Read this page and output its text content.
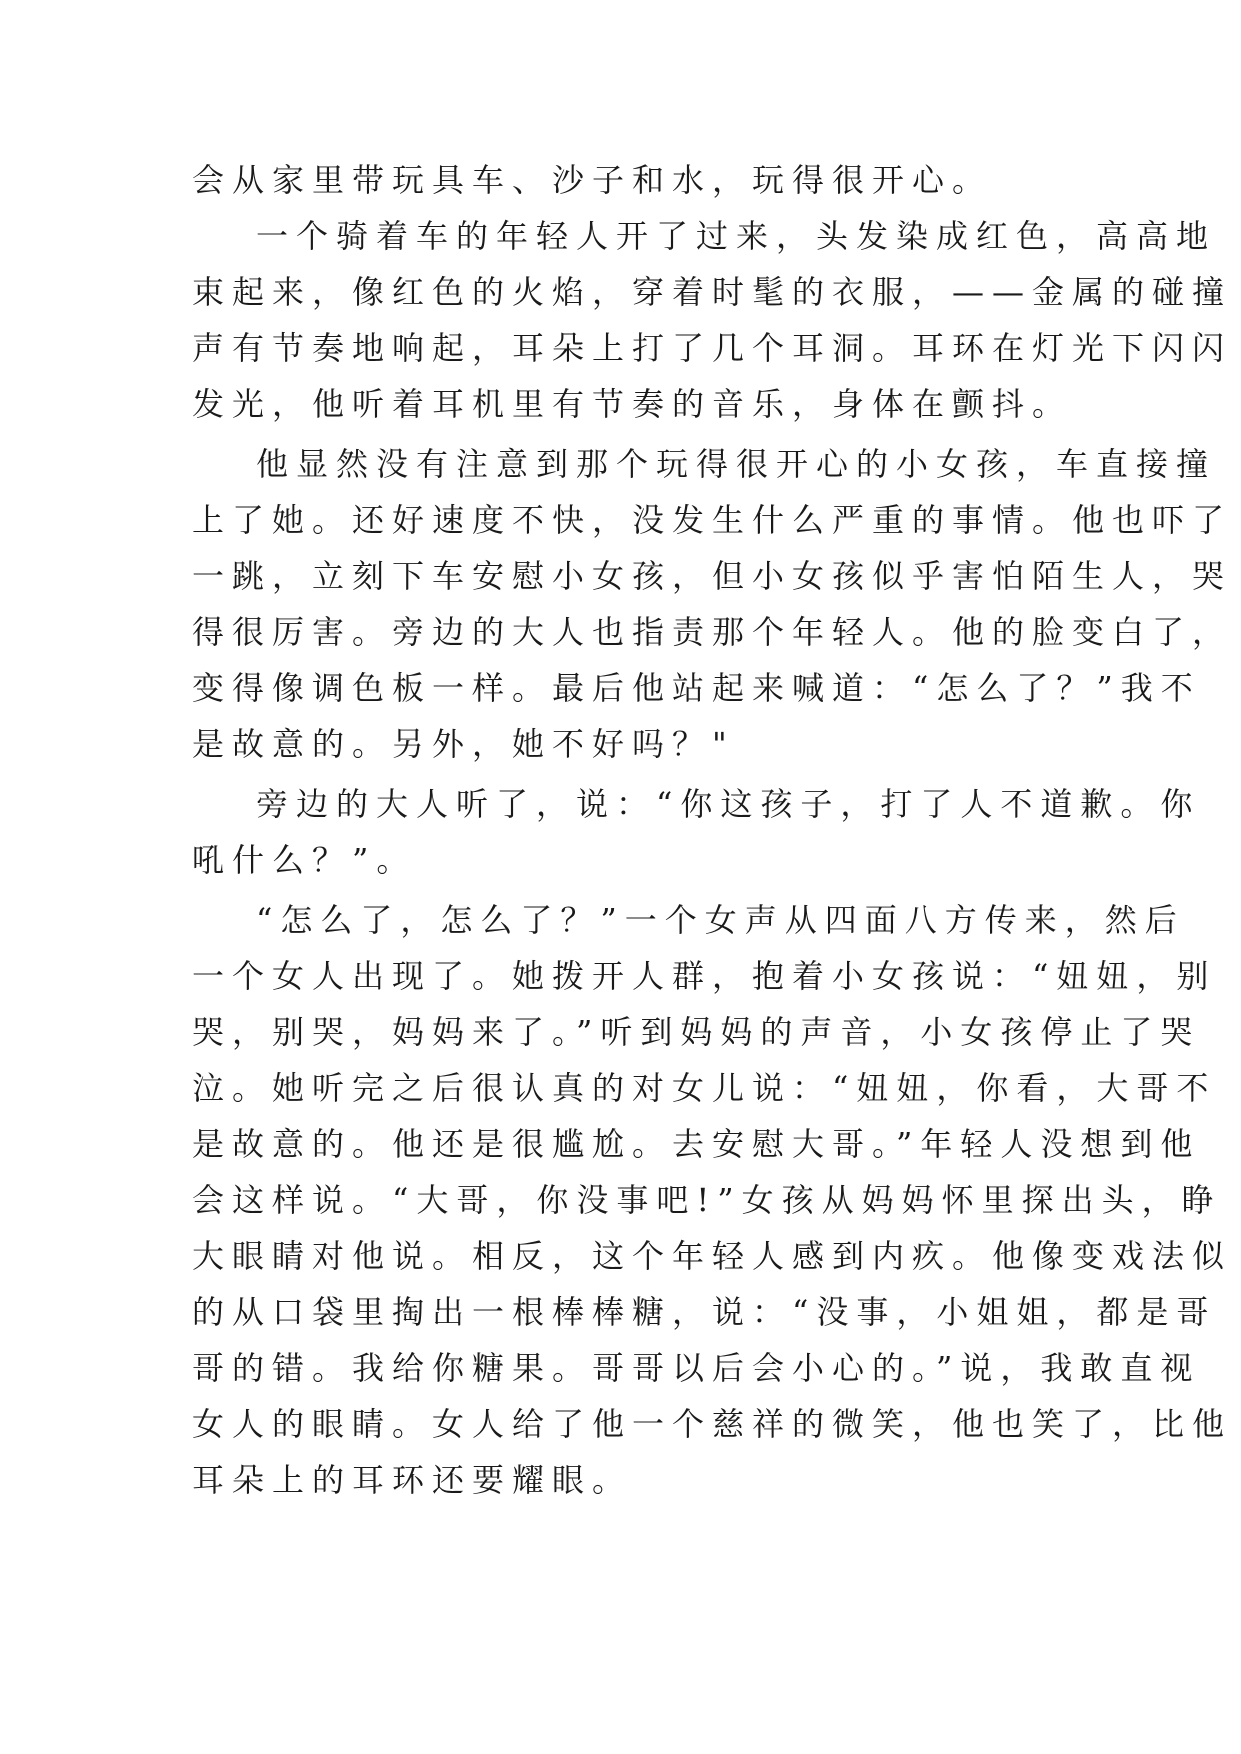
会从家里带玩具车、沙子和水，玩得很开心。
一个骑着车的年轻人开了过来，头发染成红色，高高地
束起来，像红色的火焰，穿着时髦的衣服，——金属的碰撞
声有节奏地响起，耳朵上打了几个耳洞。耳环在灯光下闪闪
发光，他听着耳机里有节奏的音乐，身体在颤抖。
他显然没有注意到那个玩得很开心的小女孩，车直接撞
上了她。还好速度不快，没发生什么严重的事情。他也吓了
一跳，立刻下车安慰小女孩，但小女孩似乎害怕陌生人，哭
得很厉害。旁边的大人也指责那个年轻人。他的脸变白了，
变得像调色板一样。最后他站起来喊道：“怎么了？”我不
是故意的。另外，她不好吗？"
旁边的大人听了，说：“你这孩子，打了人不道歉。你
吼什么？”。
“怎么了，怎么了？”一个女声从四面八方传来，然后
一个女人出现了。她拨开人群，抱着小女孩说：“妞妞，别
哭，别哭，妈妈来了。”听到妈妈的声音，小女孩停止了哭
泣。她听完之后很认真的对女儿说：“妞妞，你看，大哥不
是故意的。他还是很尴尬。去安慰大哥。”年轻人没想到他
会这样说。“大哥，你没事吧!”女孩从妈妈怀里探出头，睁
大眼睛对他说。相反，这个年轻人感到内疚。他像变戏法似
的从口袋里掏出一根棒棒糖，说：“没事，小姐姐，都是哥
哥的错。我给你糖果。哥哥以后会小心的。”说，我敢直视
女人的眼睛。女人给了他一个慈祥的微笑，他也笑了，比他
耳朵上的耳环还要耀眼。
